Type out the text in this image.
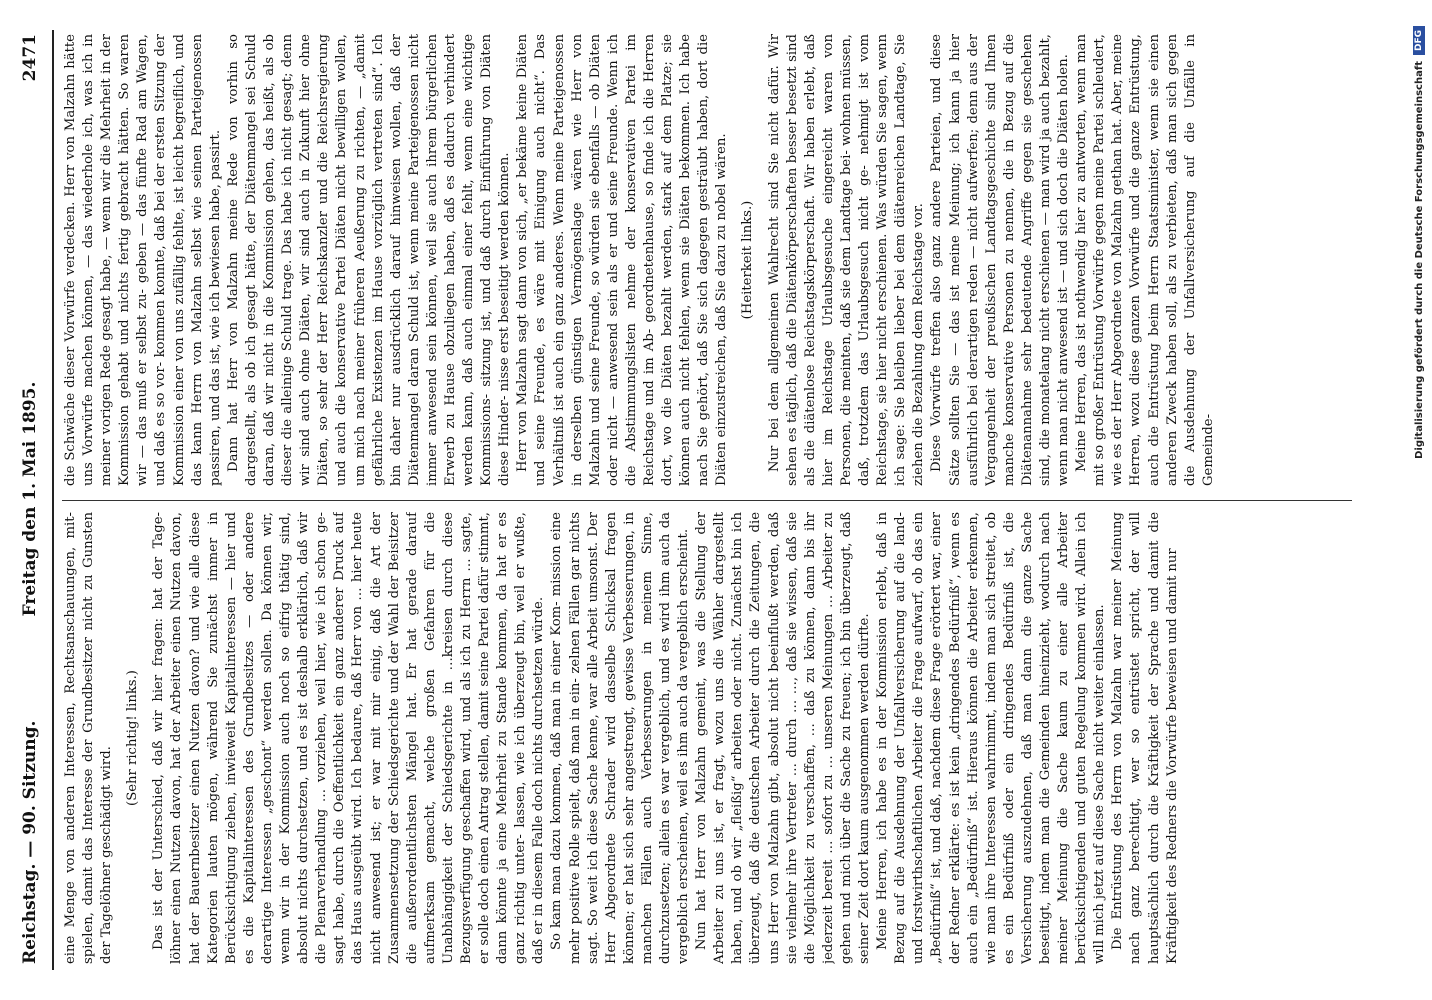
Reichstag. — 90. Sitzung.
Freitag den 1. Mai 1895.
2471

eine Menge von anderen Interessen, Rechtsanschauungen, mit- spielen, damit das Interesse der Grundbesitzer nicht zu Gunsten der Tagelöhner geschädigt wird.

(Sehr richtig! links.) Das ist der Unterschied, daß wir hier fragen: hat der Tage- löhner einen Nutzen davon, hat der Arbeiter einen Nutzen davon, hat der Bauernbesitzer einen Nutzen davon? und wie alle diese Kategorien lauten mögen, während Sie zunächst immer in Berücksichtigung ziehen, inwieweit Kapitalinteressen — hier und es die Kapitalinteressen des Grundbesitzes — oder andere derartige Interessen „geschont“ werden sollen. Da können wir, wenn wir in der Kommission auch noch so eifrig thätig sind, absolut nichts durchsetzen, und es ist deshalb erklärlich, daß wir die Plenarverhandlung … vorziehen, weil hier, wie ich schon ge- sagt habe, durch die Oeffentlichkeit ein ganz anderer Druck auf das Haus ausgeübt wird. Ich bedaure, daß Herr von … hier heute nicht anwesend ist; er war mit mir einig, daß die Art der Zusammensetzung der Schiedsgerichte und der Wahl der Beisitzer die außerordentlichsten Mängel hat. Er hat gerade darauf aufmerksam gemacht, welche großen Gefahren für die Unabhängigkeit der Schiedsgerichte in …kreisen durch diese Bezugsverfügung geschaffen wird, und als ich zu Herrn … sagte, er solle doch einen Antrag stellen, damit seine Partei dafür stimmt, dann könnte ja eine Mehrheit zu Stande kommen, da hat er es ganz richtig unter- lassen, wie ich überzeugt bin, weil er wußte, daß er in diesem Falle doch nichts durchsetzen würde. So kam man dazu kommen, daß man in einer Kom- mission eine mehr positive Rolle spielt, daß man in ein- zelnen Fällen gar nichts sagt. So weit ich diese Sache kenne, war alle Arbeit umsonst. Der Herr Abgeordnete Schrader wird dasselbe Schicksal fragen können; er hat sich sehr angestrengt, gewisse Verbesserungen, in manchen Fällen auch Verbesserungen in meinem Sinne, durchzusetzen; allein es war vergeblich, und es wird ihm auch da vergeblich erscheinen, weil es ihm auch da vergeblich erscheint. Nun hat Herr von Malzahn gemeint, was die Stellung der Arbeiter zu uns ist, er fragt, wozu uns die Wähler dargestellt haben, und ob wir „fleißig“ arbeiten oder nicht. Zunächst bin ich überzeugt, daß die deutschen Arbeiter durch die Zeitungen, die uns Herr von Malzahn gibt, absolut nicht beeinflußt werden, daß sie vielmehr ihre Vertreter … durch … …, daß sie wissen, daß sie die Möglichkeit zu verschaffen, … daß zu können, dann bis ihr jederzeit bereit … sofort zu … unseren Meinungen … Arbeiter zu gehen und mich über die Sache zu freuen; ich bin überzeugt, daß seiner Zeit dort kaum ausgenommen werden dürfte. Meine Herren, ich habe es in der Kommission erlebt, daß in Bezug auf die Ausdehnung der Unfallversicherung auf die land- und forstwirthschaftlichen Arbeiter die Frage aufwarf, ob das ein „Bedürfniß“ ist, und daß, nachdem diese Frage erörtert war, einer der Redner erklärte: es ist kein „dringendes Bedürfniß“, wenn es auch ein „Bedürfniß“ ist. Hieraus können die Arbeiter erkennen, wie man ihre Interessen wahrnimmt, indem man sich streitet, ob es ein Bedürfniß oder ein dringendes Bedürfniß ist, die Versicherung auszudehnen, daß man dann die ganze Sache beseitigt, indem man die Gemeinden hineinzieht, wodurch nach meiner Meinung die Sache kaum zu einer alle Arbeiter berücksichtigenden und guten Regelung kommen wird. Allein ich will mich jetzt auf diese Sache nicht weiter einlassen. Die Entrüstung des Herrn von Malzahn war meiner Meinung nach ganz berechtigt, wer so entrüstet spricht, der will hauptsächlich durch die Kräftigkeit der Sprache und damit die Kräftigkeit des Redners die Vorwürfe beweisen und damit nur

die Schwäche dieser Vorwürfe verdecken. Herr von Malzahn hätte uns Vorwürfe machen können, — das wiederhole ich, was ich in meiner vorigen Rede gesagt habe, — wenn wir die Mehrheit in der Kommission gehabt und nichts fertig gebracht hätten. So waren wir — das muß er selbst zu- geben — das fünfte Rad am Wagen, und daß es so vor- kommen konnte, daß bei der ersten Sitzung der Kommission einer von uns zufällig fehlte, ist leicht begreiflich, und das kann Herrn von Malzahn selbst wie seinen Parteigenossen passiren, und das ist, wie ich bewiesen habe, passirt. Dann hat Herr von Malzahn meine Rede von vorhin so dargestellt, als ob ich gesagt hätte, der Diätenmangel sei Schuld daran, daß wir nicht in die Kommission gehen, das heißt, als ob dieser die alleinige Schuld trage. Das habe ich nicht gesagt; denn wir sind auch ohne Diäten, wir sind auch in Zukunft hier ohne Diäten, so sehr der Herr Reichskanzler und die Reichsregierung und auch die konservative Partei Diäten nicht bewilligen wollen, um mich nach meiner früheren Aeußerung zu richten, — „damit gefährliche Existenzen im Hause vorzüglich vertreten sind“. Ich bin daher nur ausdrücklich darauf hinweisen wollen, daß der Diätenmangel daran Schuld ist, wenn meine Parteigenossen nicht immer anwesend sein können, weil sie auch ihrem bürgerlichen Erwerb zu Hause obzuliegen haben, daß es dadurch verhindert werden kann, daß auch einmal einer fehlt, wenn eine wichtige Kommissions- sitzung ist, und daß durch Einführung von Diäten diese Hinder- nisse erst beseitigt werden können. Herr von Malzahn sagt dann von sich, „er bekäme keine Diäten und seine Freunde, es wäre mit Einigung auch nicht“. Das Verhältniß ist auch ein ganz anderes. Wenn meine Parteigenossen in derselben günstigen Vermögenslage wären wie Herr von Malzahn und seine Freunde, so würden sie ebenfalls — ob Diäten oder nicht — anwesend sein als er und seine Freunde. Wenn ich die Abstimmungslisten nehme der konservativen Partei im Reichstage und im Ab- geordnetenhause, so finde ich die Herren dort, wo die Diäten bezahlt werden, stark auf dem Platze; sie können auch nicht fehlen, wenn sie Diäten bekommen. Ich habe nach Sie gehört, daß Sie sich dagegen gesträubt haben, dort die Diäten einzustreichen, daß Sie dazu zu nobel wären. (Heiterkeit links.) Nur bei dem allgemeinen Wahlrecht sind Sie nicht dafür. Wir sehen es täglich, daß die Diätenkörperschaften besser besetzt sind als die diätenlose Reichstagskörperschaft. Wir haben erlebt, daß hier im Reichstage Urlaubsgesuche eingereicht waren von Personen, die meinten, daß sie dem Landtage bei- wohnen müssen, daß, trotzdem das Urlaubsgesuch nicht ge- nehmigt ist vom Reichstage, sie hier nicht erschienen. Was würden Sie sagen, wenn ich sage: Sie bleiben lieber bei dem diätenreichen Landtage, Sie ziehen die Bezahlung dem Reichstage vor. Diese Vorwürfe treffen also ganz andere Parteien, und diese Sätze sollten Sie — das ist meine Meinung; ich kann ja hier ausführlich bei derartigen reden — nicht aufwerfen; denn aus der Vergangenheit der preußischen Landtagsgeschichte sind Ihnen manche konservative Personen zu nennen, die in Bezug auf die Diätenannahme sehr bedeutende Angriffe gegen sie geschehen sind, die monatelang nicht erschienen — man wird ja auch bezahlt, wenn man nicht anwesend ist — und sich doch die Diäten holen. Meine Herren, das ist nothwendig hier zu antworten, wenn man mit so großer Entrüstung Vorwürfe gegen meine Partei schleudert, wie es der Herr Abgeordnete von Malzahn gethan hat. Aber, meine Herren, wozu diese ganzen Vorwürfe und die ganze Entrüstung, auch die Entrüstung beim Herrn Staatsminister, wenn sie einen anderen Zweck haben soll, als zu verbieten, daß man sich gegen die Ausdehnung der Unfallversicherung auf die Unfälle in Gemeinde-	Digitalisierung gefördert durch die Deutsche Forschungsgemeinschaft
DFG
